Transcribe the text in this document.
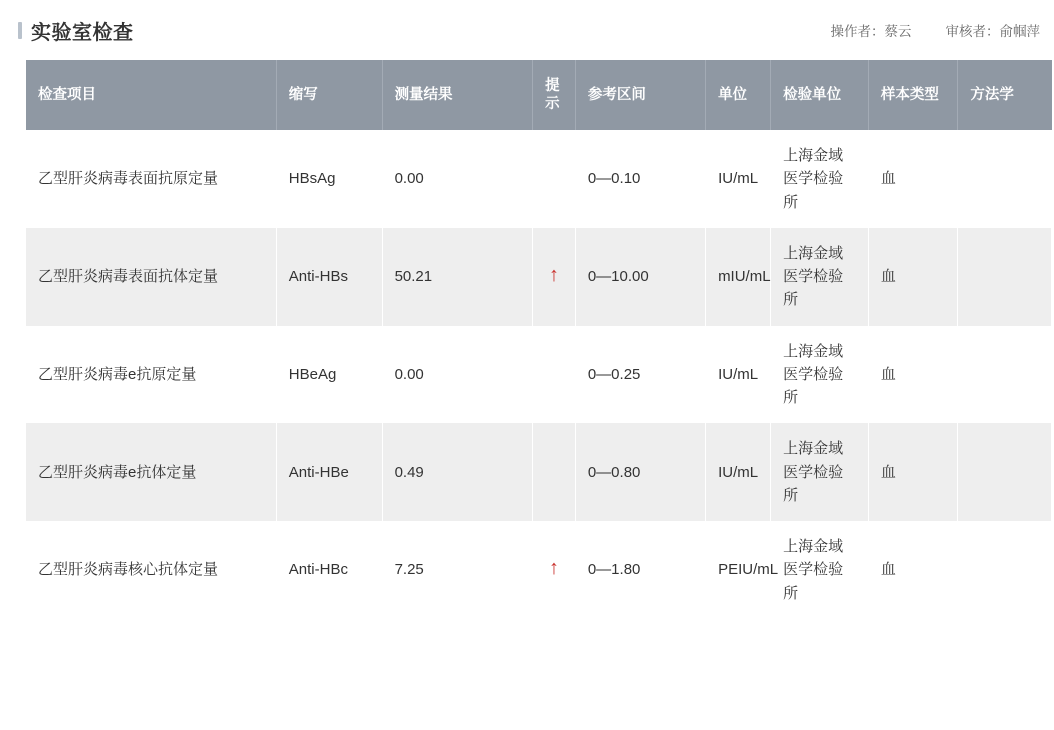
实验室检查	操作者：蔡云	审核者：俞帼萍
检查项目	缩写	测量结果	提示	参考区间	单位	检验单位	样本类型	方法学
乙型肝炎病毒表面抗原定量	HBsAg	0.00		0—0.10	IU/mL	上海金域医学检验所	血	
乙型肝炎病毒表面抗体定量	Anti-HBs	50.21	↑	0—10.00	mIU/mL	上海金域医学检验所	血	
乙型肝炎病毒e抗原定量	HBeAg	0.00		0—0.25	IU/mL	上海金域医学检验所	血	
乙型肝炎病毒e抗体定量	Anti-HBe	0.49		0—0.80	IU/mL	上海金域医学检验所	血	
乙型肝炎病毒核心抗体定量	Anti-HBc	7.25	↑	0—1.80	PEIU/mL	上海金域医学检验所	血	
